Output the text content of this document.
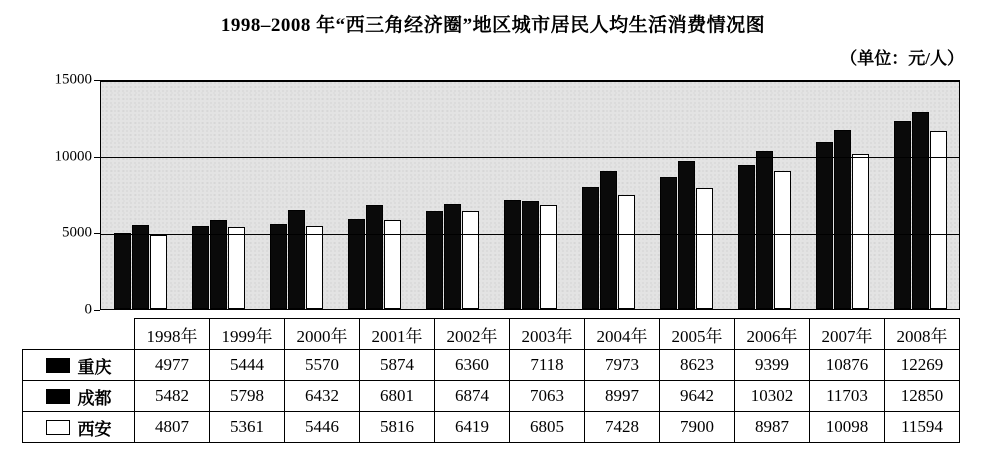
1998–2008 年“西三角经济圈”地区城市居民人均生活消费情况图
（单位：元/人）
0
5000
10000
15000
	1998年	1999年	2000年	2001年	2002年	2003年	2004年	2005年	2006年	2007年	2008年
重庆	4977	5444	5570	5874	6360	7118	7973	8623	9399	10876	12269
成都	5482	5798	6432	6801	6874	7063	8997	9642	10302	11703	12850
西安	4807	5361	5446	5816	6419	6805	7428	7900	8987	10098	11594
